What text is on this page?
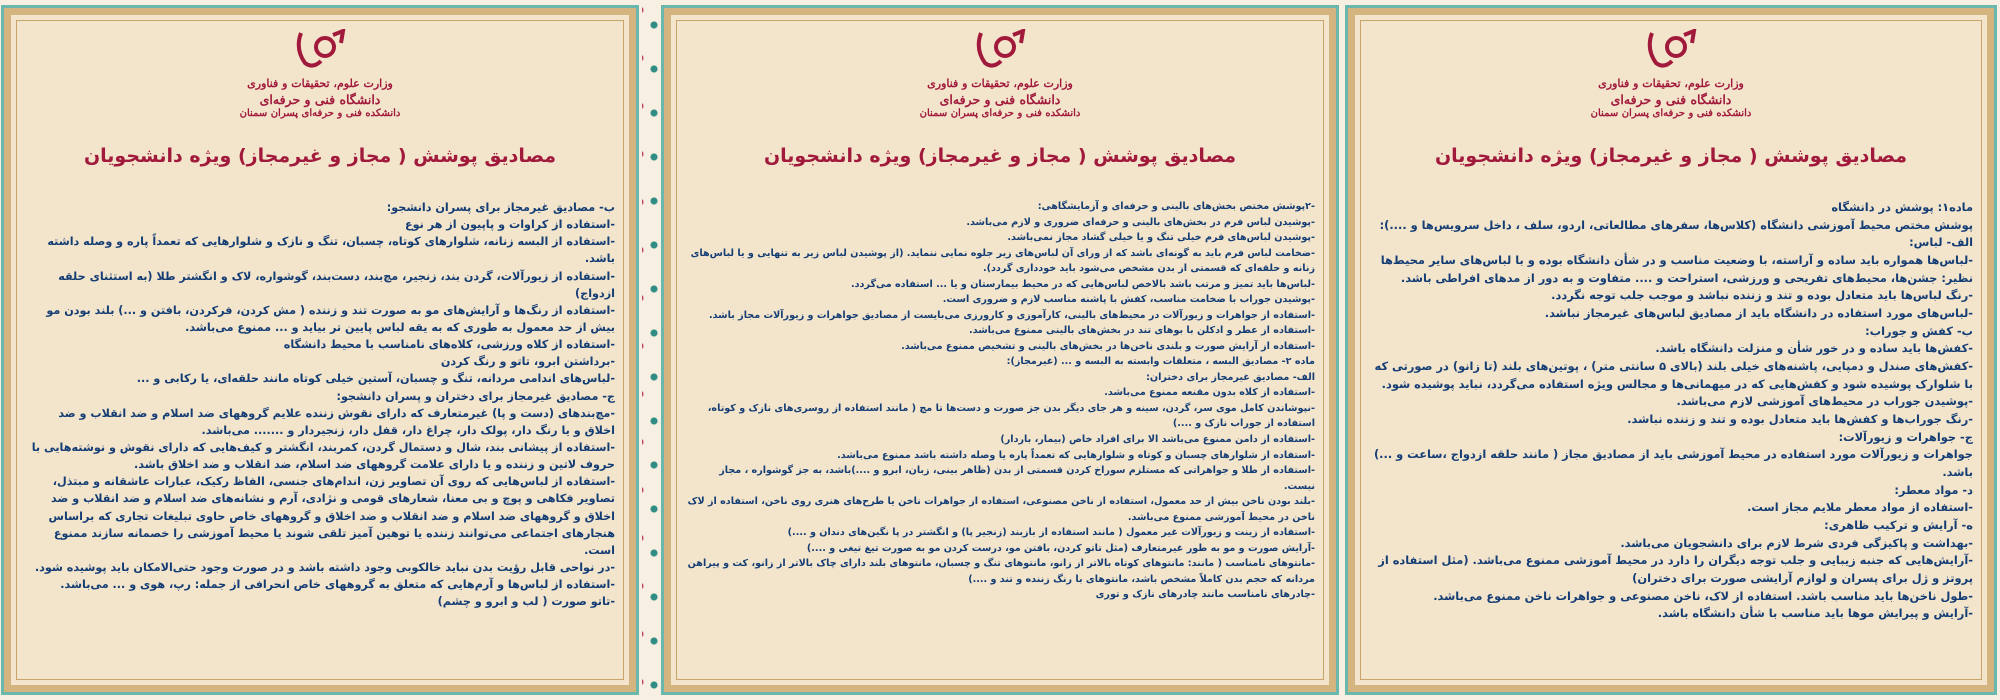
وزارت علوم، تحقیقات و فناوری
دانشگاه فنی و حرفه‌ای
دانشکده فنی و حرفه‌ای پسران سمنان
مصادیق پوشش ( مجاز و غیرمجاز) ویژه دانشجویان
ب- مصادیق غیرمجاز برای پسران دانشجو:
-استفاده از کراوات و پاپیون از هر نوع
-استفاده از البسه زنانه، شلوارهای کوتاه، چسبان، تنگ و نازک و شلوارهایی که تعمداً پاره و وصله داشته باشد.
-استفاده از زیورآلات، گردن بند، زنجیر، مچ‌بند، دست‌بند، گوشواره، لاک و انگشتر طلا (به استثنای حلقه ازدواج)
-استفاده از رنگ‌ها و آرایش‌های مو به صورت تند و زننده ( مش کردن، فرکردن، بافتن و ...) بلند بودن مو بیش از حد معمول به طوری که به یقه لباس پایین تر بیاید و ... ممنوع می‌باشد.
-استفاده از کلاه ورزشی، کلاه‌های نامناسب با محیط دانشگاه
-برداشتن ابرو، تاتو و رنگ کردن
-لباس‌های اندامی مردانه، تنگ و چسبان، آستین خیلی کوتاه مانند حلقه‌ای، یا رکابی و ...
ج- مصادیق غیرمجاز برای دختران و پسران دانشجو:
-مچ‌بندهای (دست و پا) غیرمتعارف که دارای نقوش زننده علایم گروههای ضد اسلام و ضد انقلاب و ضد اخلاق و یا رنگ دار، پولک دار، چراغ دار، قفل دار، زنجیردار و ....... می‌باشد.
-استفاده از پیشانی بند، شال و دستمال گردن، کمربند، انگشتر و کیف‌هایی که دارای نقوش و نوشته‌هایی با حروف لاتین و زننده و یا دارای علامت گروههای ضد اسلام، ضد انقلاب و ضد اخلاق باشد.
-استفاده از لباس‌هایی که روی آن تصاویر زن، اندام‌های جنسی، الفاظ رکیک، عبارات عاشقانه و مبتذل، تصاویر فکاهی و پوچ و بی معنا، شعارهای قومی و نژادی، آرم و نشانه‌های ضد اسلام و ضد انقلاب و ضد اخلاق و گروههای ضد اسلام و ضد انقلاب و ضد اخلاق و گروههای خاص حاوی تبلیغات تجاری که براساس هنجارهای اجتماعی می‌توانند زننده یا توهین آمیز تلقی شوند یا محیط آموزشی را خصمانه سازند ممنوع است.
-در نواحی قابل رؤیت بدن نباید خالکوبی وجود داشته باشد و در صورت وجود حتی‌الامکان باید پوشیده شود.
-استفاده از لباس‌ها و آرم‌هایی که متعلق به گروههای خاص انحرافی از جمله: رپ، هوی و ... می‌باشد.
-تاتو صورت ( لب و ابرو و چشم)
وزارت علوم، تحقیقات و فناوری
دانشگاه فنی و حرفه‌ای
دانشکده فنی و حرفه‌ای پسران سمنان
مصادیق پوشش ( مجاز و غیرمجاز) ویژه دانشجویان
-۲پوشش مختص بخش‌های بالینی و حرفه‌ای و آزمایشگاهی:
-پوشیدن لباس فرم در بخش‌های بالینی و حرفه‌ای ضروری و لازم می‌باشد.
-پوشیدن لباس‌های فرم خیلی تنگ و یا خیلی گشاد مجاز نمی‌باشد.
-ضخامت لباس فرم باید به گونه‌ای باشد که از ورای آن لباس‌های زیر جلوه نمایی ننماید. (از پوشیدن لباس زیر به تنهایی و یا لباس‌های زنانه و حلقه‌ای که قسمتی از بدن مشخص می‌شود باید خودداری گردد).
-لباس‌ها باید تمیز و مرتب باشد بالاخص لباس‌هایی که در محیط بیمارستان و یا ... استفاده می‌گردد.
-پوشیدن جوراب با ضخامت مناسب، کفش با پاشنه مناسب لازم و ضروری است.
-استفاده از جواهرات و زیورآلات در محیط‌های بالینی، کارآموزی و کارورزی می‌بایست از مصادیق جواهرات و زیورآلات مجاز باشد.
-استفاده از عطر و ادکلن با بوهای تند در بخش‌های بالینی ممنوع می‌باشد.
-استفاده از آرایش صورت و بلندی ناخن‌ها در بخش‌های بالینی و تشخیص ممنوع می‌باشد.
ماده ۲- مصادیق البسه ، متعلقات وابسته به البسه و ... (غیرمجاز):
الف- مصادیق غیرمجاز برای دختران:
-استفاده از کلاه بدون مقنعه ممنوع می‌باشد.
-نپوشاندن کامل موی سر، گردن، سینه و هر جای دیگر بدن جز صورت و دست‌ها تا مچ ( مانند استفاده از روسری‌های نازک و کوتاه، استفاده از جوراب نازک و ....)
-استفاده از دامن ممنوع می‌باشد الا برای افراد خاص (بیمار، باردار)
-استفاده از شلوارهای چسبان و کوتاه و شلوارهایی که تعمداً پاره یا وصله داشته باشد ممنوع می‌باشد.
-استفاده از طلا و جواهراتی که مستلزم سوراخ کردن قسمتی از بدن (ظاهر بینی، زبان، ابرو و ....)باشد، به جز گوشواره ، مجاز نیست.
-بلند بودن ناخن بیش از حد معمول، استفاده از ناخن مصنوعی، استفاده از جواهرات ناخن یا طرح‌های هنری روی ناخن، استفاده از لاک ناخن در محیط آموزشی ممنوع می‌باشد.
-استفاده از زینت و زیورآلات غیر معمول ( مانند استفاده از بازبند (زنجیر پا) و انگشتر در پا نگین‌های دندان و ....)
-آرایش صورت و مو به طور غیرمتعارف (مثل تاتو کردن، بافتن مو، درست کردن مو به صورت تیغ تیغی و ....)
-مانتوهای نامناسب ( مانند: مانتوهای کوتاه بالاتر از زانو، مانتوهای تنگ و چسبان، مانتوهای بلند دارای چاک بالاتر از زانو، کت و پیراهن مردانه که حجم بدن کاملاً مشخص باشد، مانتوهای با رنگ زننده و تند و ....)
-چادرهای نامناسب مانند چادرهای نازک و توری
وزارت علوم، تحقیقات و فناوری
دانشگاه فنی و حرفه‌ای
دانشکده فنی و حرفه‌ای پسران سمنان
مصادیق پوشش ( مجاز و غیرمجاز) ویژه دانشجویان
ماده۱: پوشش در دانشگاه
پوشش مختص محیط آموزشی دانشگاه (کلاس‌ها، سفرهای مطالعاتی، اردو، سلف ، داخل سرویس‌ها و ....):
الف- لباس:
-لباس‌ها همواره باید ساده و آراسته، با وضعیت مناسب و در شأن دانشگاه بوده و با لباس‌های سایر محیط‌ها نظیر: جشن‌ها، محیط‌های تفریحی و ورزشی، استراحت و .... متفاوت و به دور از مدهای افراطی باشد.
-رنگ لباس‌ها باید متعادل بوده و تند و زننده نباشد و موجب جلب توجه نگردد.
-لباس‌های مورد استفاده در دانشگاه باید از مصادیق لباس‌های غیرمجاز نباشد.
ب- کفش و جوراب:
-کفش‌ها باید ساده و در خور شأن و منزلت دانشگاه باشد.
-کفش‌های صندل و دمپایی، پاشنه‌های خیلی بلند (بالای ۵ سانتی متر) ، پوتین‌های بلند (تا زانو) در صورتی که با شلوارک پوشیده شود و کفش‌هایی که در میهمانی‌ها و مجالس ویژه استفاده می‌گردد، نباید پوشیده شود.
-پوشیدن جوراب در محیط‌های آموزشی لازم می‌باشد.
-رنگ جوراب‌ها و کفش‌ها باید متعادل بوده و تند و زننده نباشد.
ج- جواهرات و زیورآلات:
جواهرات و زیورآلات مورد استفاده در محیط آموزشی باید از مصادیق مجاز ( مانند حلقه ازدواج ،ساعت و ...) باشد.
د- مواد معطر:
-استفاده از مواد معطر ملایم مجاز است.
ه- آرایش و ترکیب ظاهری:
-بهداشت و پاکیزگی فردی شرط لازم برای دانشجویان می‌باشد.
-آرایش‌هایی که جنبه زیبایی و جلب توجه دیگران را دارد در محیط آموزشی ممنوع می‌باشد. (مثل استفاده از پروتز و ژل برای پسران و لوازم آرایشی صورت برای دختران)
-طول ناخن‌ها باید مناسب باشد. استفاده از لاک، ناخن مصنوعی و جواهرات ناخن ممنوع می‌باشد.
-آرایش و پیرایش موها باید مناسب با شأن دانشگاه باشد.
